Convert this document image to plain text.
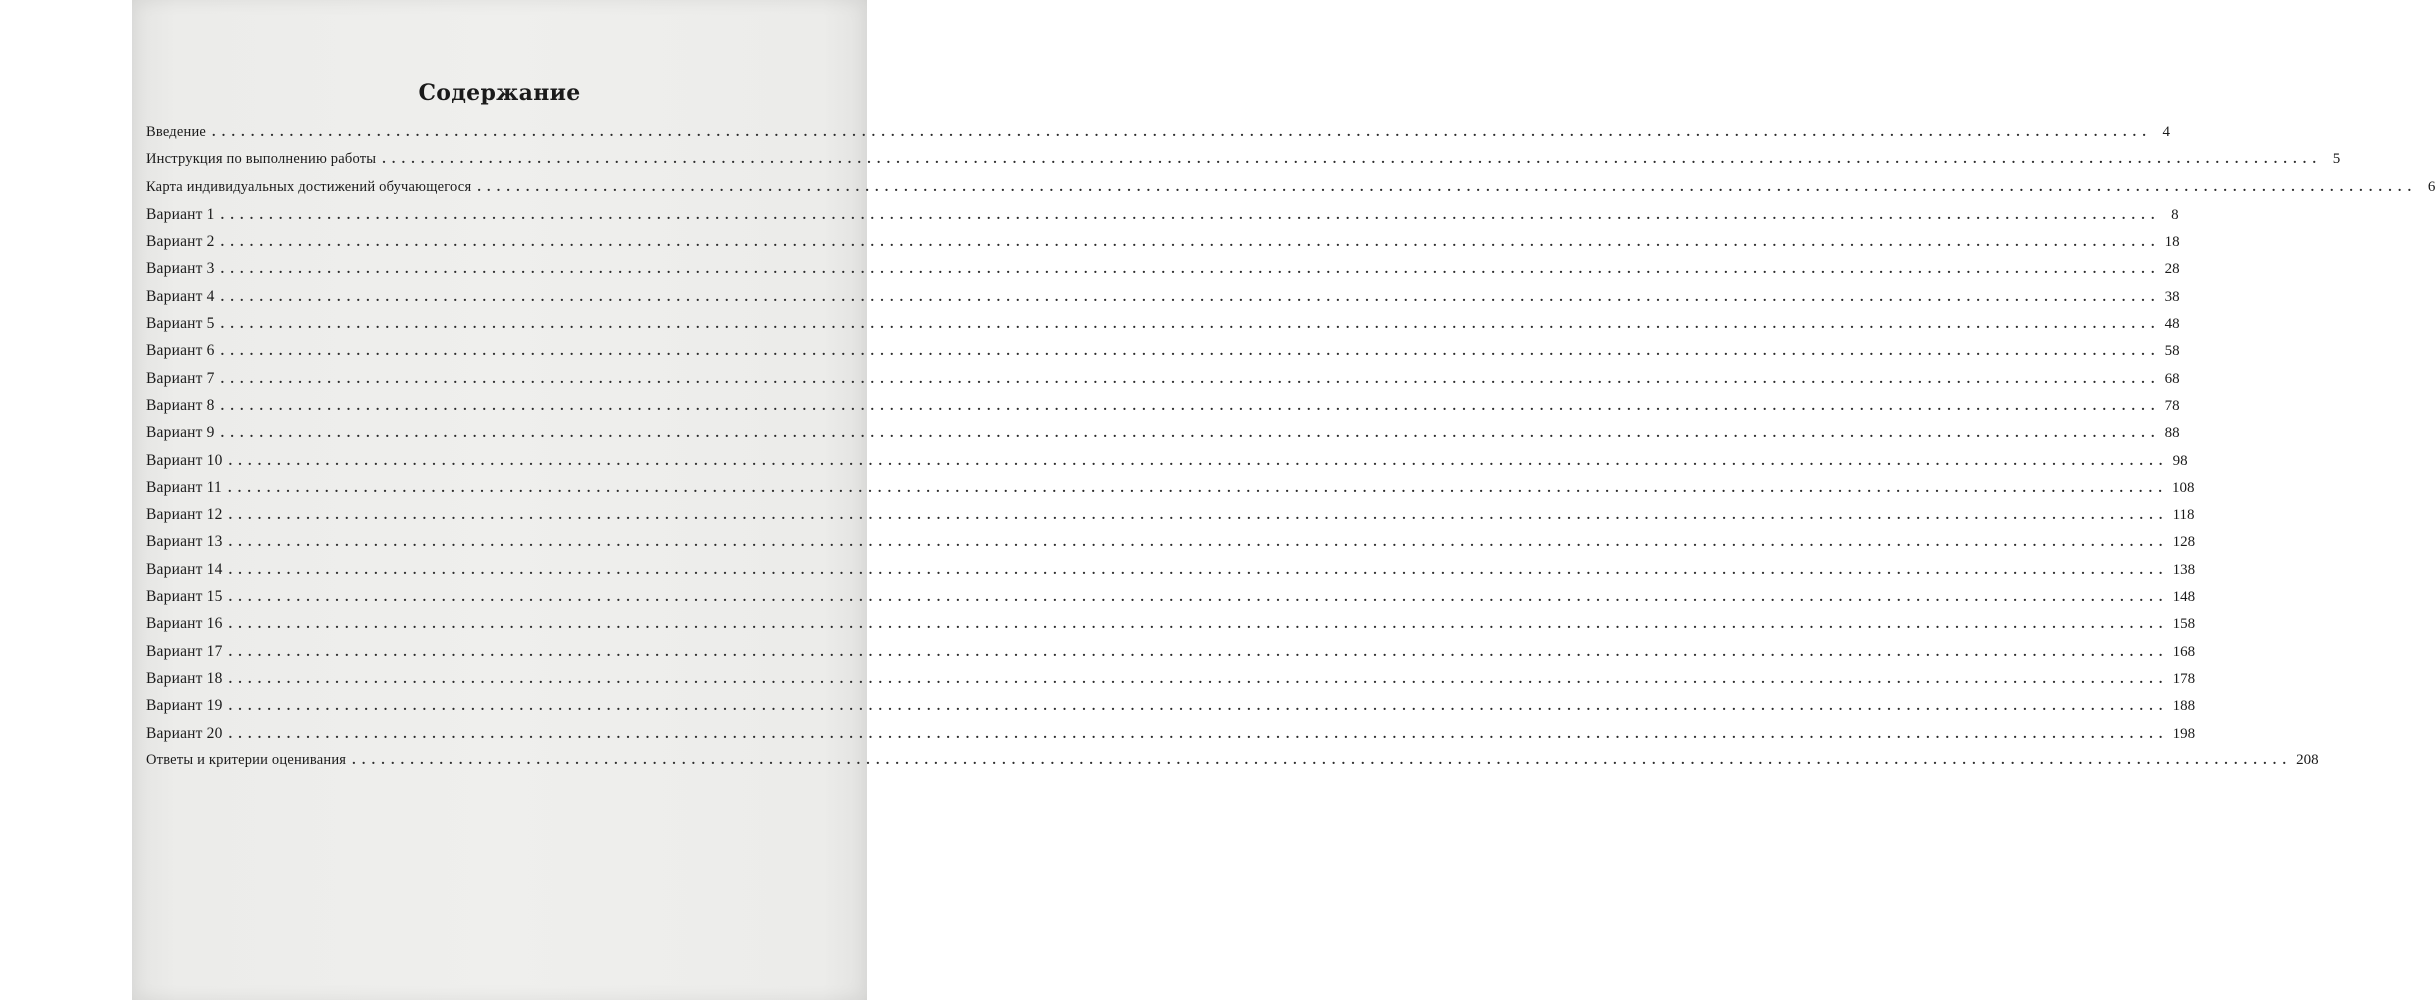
Содержание
Введение ........................................................................................................................................................................................................ 4
Инструкция по выполнению работы ........................................................................................................................................................................................................ 5
Карта индивидуальных достижений обучающегося ........................................................................................................................................................................................................ 6
Вариант 1 ........................................................................................................................................................................................................ 8
Вариант 2 ........................................................................................................................................................................................................ 18
Вариант 3 ........................................................................................................................................................................................................ 28
Вариант 4 ........................................................................................................................................................................................................ 38
Вариант 5 ........................................................................................................................................................................................................ 48
Вариант 6 ........................................................................................................................................................................................................ 58
Вариант 7 ........................................................................................................................................................................................................ 68
Вариант 8 ........................................................................................................................................................................................................ 78
Вариант 9 ........................................................................................................................................................................................................ 88
Вариант 10 ........................................................................................................................................................................................................ 98
Вариант 11 ........................................................................................................................................................................................................ 108
Вариант 12 ........................................................................................................................................................................................................ 118
Вариант 13 ........................................................................................................................................................................................................ 128
Вариант 14 ........................................................................................................................................................................................................ 138
Вариант 15 ........................................................................................................................................................................................................ 148
Вариант 16 ........................................................................................................................................................................................................ 158
Вариант 17 ........................................................................................................................................................................................................ 168
Вариант 18 ........................................................................................................................................................................................................ 178
Вариант 19 ........................................................................................................................................................................................................ 188
Вариант 20 ........................................................................................................................................................................................................ 198
Ответы и критерии оценивания ........................................................................................................................................................................................................ 208
